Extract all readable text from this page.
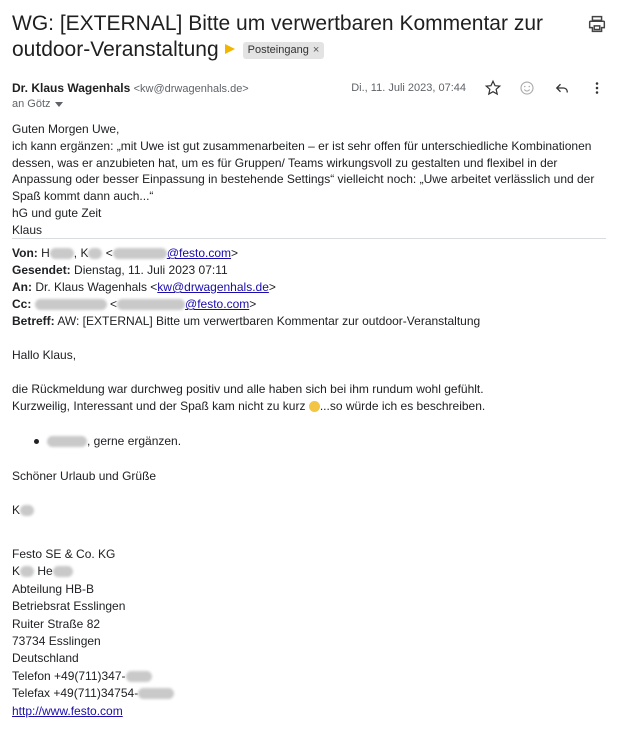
WG: [EXTERNAL] Bitte um verwertbaren Kommentar zur outdoor-Veranstaltung	Posteingang ×
Dr. Klaus Wagenhals <kw@drwagenhals.de>	Di., 11. Juli 2023, 07:44
an Götz

Guten Morgen Uwe,

ich kann ergänzen: „mit Uwe ist gut zusammenarbeiten – er ist sehr offen für unterschiedliche Kombinationen dessen, was er anzubieten hat, um es für Gruppen/ Teams wirkungsvoll zu gestalten und flexibel in der Anpassung oder besser Einpassung in bestehende Settings“ vielleicht noch: „Uwe arbeitet verlässlich und der Spaß kommt dann auch...“

hG und gute Zeit

Klaus

Von: H , K <	@festo.com>

Gesendet: Dienstag, 11. Juli 2023 07:11

An: Dr. Klaus Wagenhals <kw@drwagenhals.de>

Cc:	<	@festo.com>

Betreff: AW: [EXTERNAL] Bitte um verwertbaren Kommentar zur outdoor-Veranstaltung

Hallo Klaus,

die Rückmeldung war durchweg positiv und alle haben sich bei ihm rundum wohl gefühlt.

Kurzweilig, Interessant und der Spaß kam nicht zu kurz ...so würde ich es beschreiben.

, gerne ergänzen.

Schöner Urlaub und Grüße

K

Festo SE & Co. KG

K He

Abteilung HB-B

Betriebsrat Esslingen

Ruiter Straße 82

73734 Esslingen

Deutschland

Telefon +49(711)347-

Telefax +49(711)34754-

http://www.festo.com
